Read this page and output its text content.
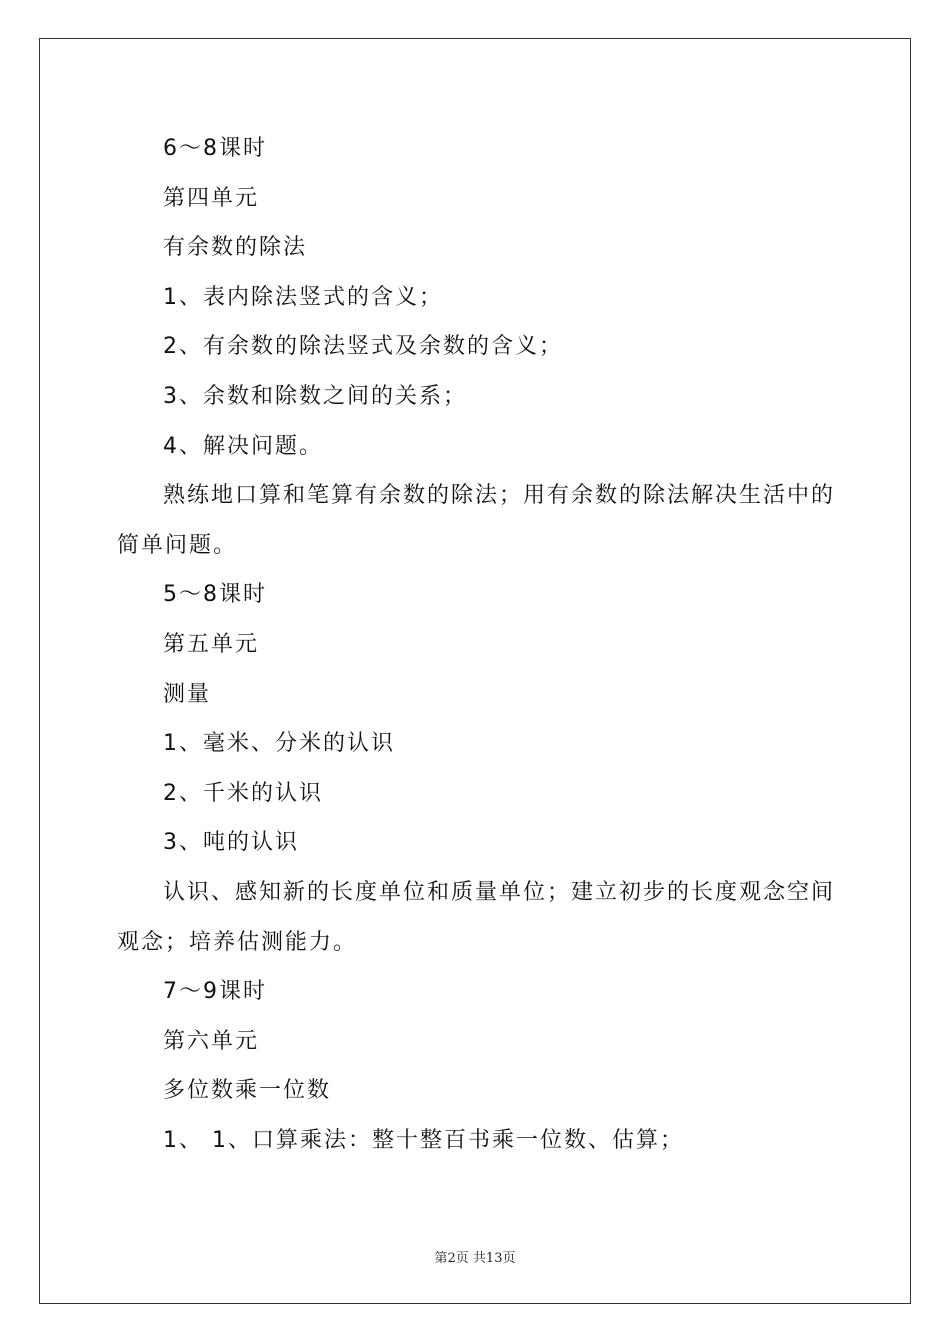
6～8课时

第四单元

有余数的除法

1、表内除法竖式的含义；

2、有余数的除法竖式及余数的含义；

3、余数和除数之间的关系；

4、解决问题。

熟练地口算和笔算有余数的除法；用有余数的除法解决生活中的简单问题。

5～8课时

第五单元

测量

1、毫米、分米的认识

2、千米的认识

3、吨的认识

认识、感知新的长度单位和质量单位；建立初步的长度观念空间观念；培养估测能力。

7～9课时

第六单元

多位数乘一位数

1、 1、口算乘法：整十整百书乘一位数、估算；

第2页 共13页
